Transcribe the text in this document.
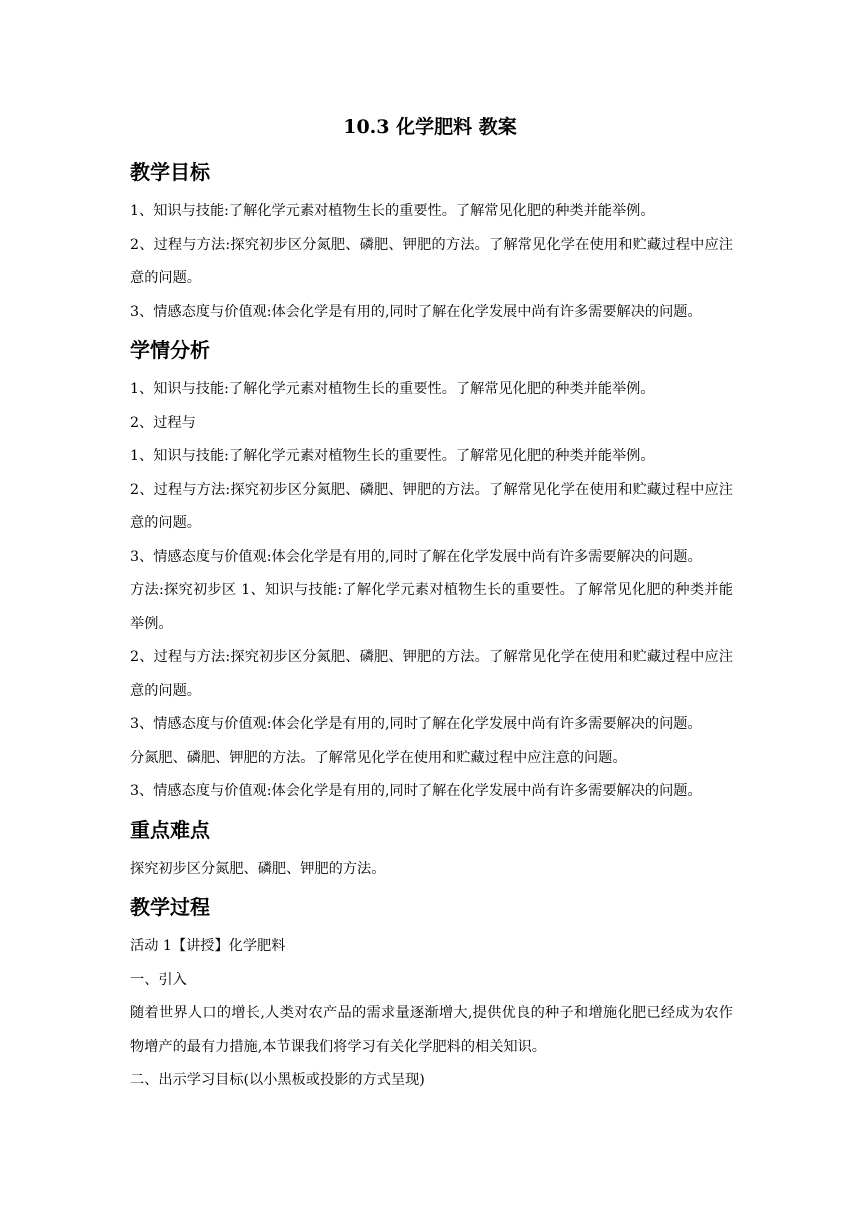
10.3 化学肥料 教案
教学目标

1、知识与技能:了解化学元素对植物生长的重要性。了解常见化肥的种类并能举例。

2、过程与方法:探究初步区分氮肥、磷肥、钾肥的方法。了解常见化学在使用和贮藏过程中应注意的问题。

3、情感态度与价值观:体会化学是有用的,同时了解在化学发展中尚有许多需要解决的问题。

学情分析

1、知识与技能:了解化学元素对植物生长的重要性。了解常见化肥的种类并能举例。

2、过程与

1、知识与技能:了解化学元素对植物生长的重要性。了解常见化肥的种类并能举例。

2、过程与方法:探究初步区分氮肥、磷肥、钾肥的方法。了解常见化学在使用和贮藏过程中应注意的问题。

3、情感态度与价值观:体会化学是有用的,同时了解在化学发展中尚有许多需要解决的问题。

方法:探究初步区 1、知识与技能:了解化学元素对植物生长的重要性。了解常见化肥的种类并能举例。

2、过程与方法:探究初步区分氮肥、磷肥、钾肥的方法。了解常见化学在使用和贮藏过程中应注意的问题。

3、情感态度与价值观:体会化学是有用的,同时了解在化学发展中尚有许多需要解决的问题。

分氮肥、磷肥、钾肥的方法。了解常见化学在使用和贮藏过程中应注意的问题。

3、情感态度与价值观:体会化学是有用的,同时了解在化学发展中尚有许多需要解决的问题。

重点难点

探究初步区分氮肥、磷肥、钾肥的方法。

教学过程

活动 1【讲授】化学肥料

一、引入

随着世界人口的增长,人类对农产品的需求量逐渐增大,提供优良的种子和增施化肥已经成为农作物增产的最有力措施,本节课我们将学习有关化学肥料的相关知识。

二、出示学习目标(以小黑板或投影的方式呈现)
